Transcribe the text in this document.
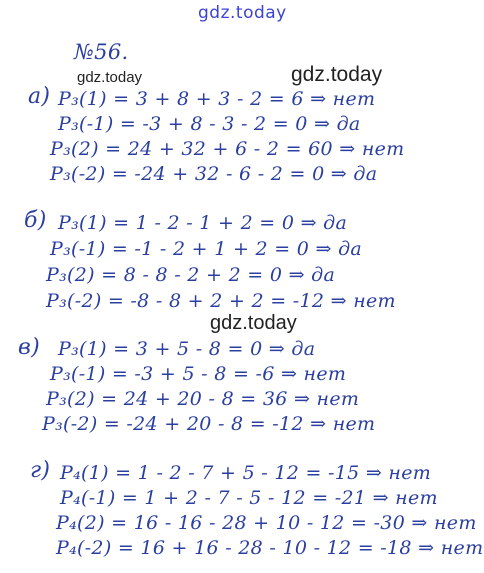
gdz.today
gdz.today	gdz.today
gdz.today
№56.
а) P₃(1) = 3 + 8 + 3 - 2 = 6 ⇒ нет
P₃(-1) = -3 + 8 - 3 - 2 = 0 ⇒ да
P₃(2) = 24 + 32 + 6 - 2 = 60 ⇒ нет
P₃(-2) = -24 + 32 - 6 - 2 = 0 ⇒ да
б) P₃(1) = 1 - 2 - 1 + 2 = 0 ⇒ да
P₃(-1) = -1 - 2 + 1 + 2 = 0 ⇒ да
P₃(2) = 8 - 8 - 2 + 2 = 0 ⇒ да
P₃(-2) = -8 - 8 + 2 + 2 = -12 ⇒ нет
в) P₃(1) = 3 + 5 - 8 = 0 ⇒ да
P₃(-1) = -3 + 5 - 8 = -6 ⇒ нет
P₃(2) = 24 + 20 - 8 = 36 ⇒ нет
P₃(-2) = -24 + 20 - 8 = -12 ⇒ нет
г) P₄(1) = 1 - 2 - 7 + 5 - 12 = -15 ⇒ нет
P₄(-1) = 1 + 2 - 7 - 5 - 12 = -21 ⇒ нет
P₄(2) = 16 - 16 - 28 + 10 - 12 = -30 ⇒ нет
P₄(-2) = 16 + 16 - 28 - 10 - 12 = -18 ⇒ нет
